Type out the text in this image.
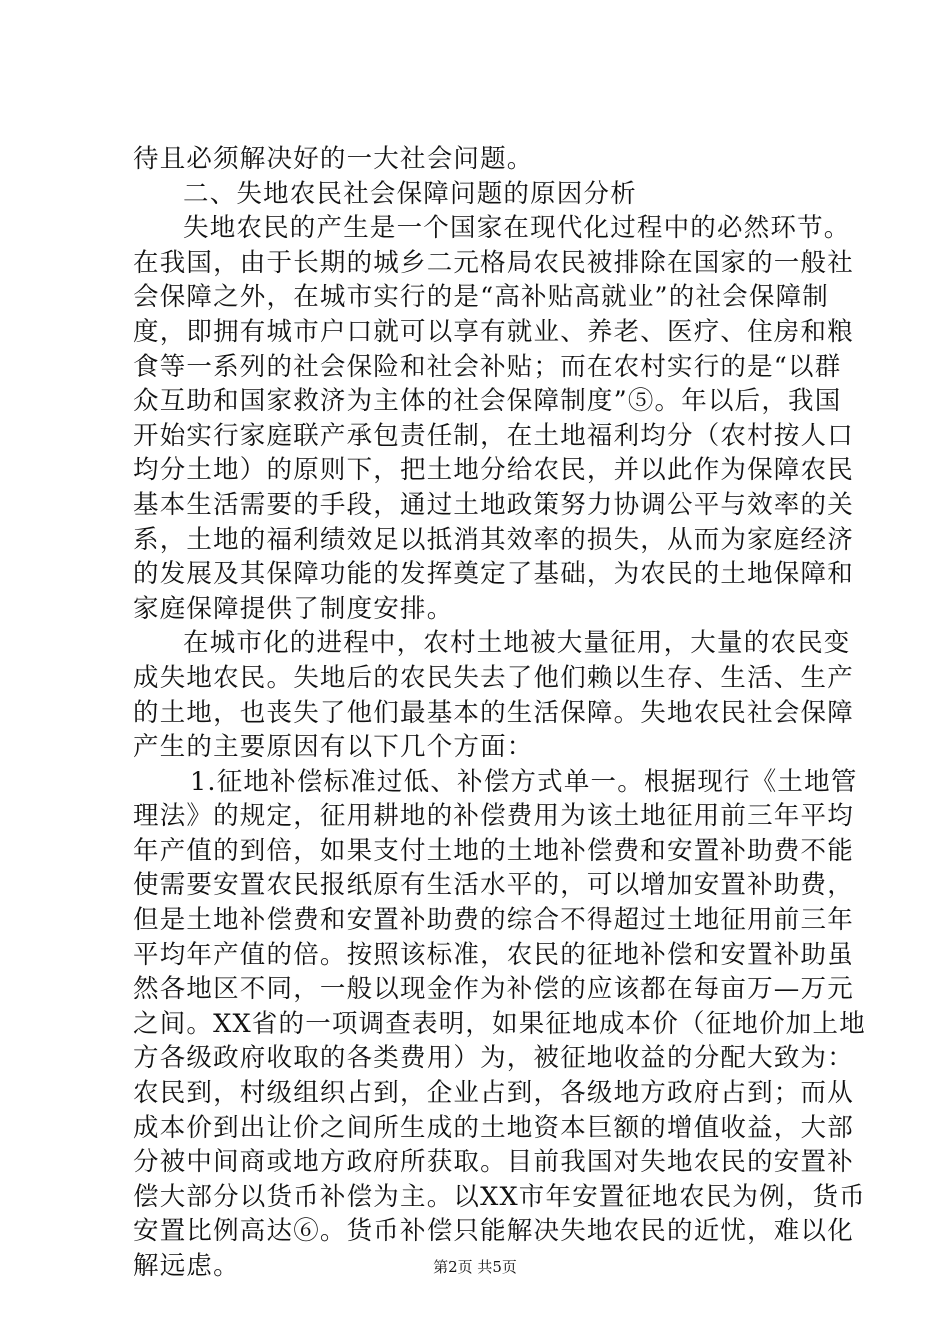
待且必须解决好的一大社会问题。
二、失地农民社会保障问题的原因分析
失地农民的产生是一个国家在现代化过程中的必然环节。
在我国，由于长期的城乡二元格局农民被排除在国家的一般社
会保障之外，在城市实行的是“高补贴高就业”的社会保障制
度，即拥有城市户口就可以享有就业、养老、医疗、住房和粮
食等一系列的社会保险和社会补贴；而在农村实行的是“以群
众互助和国家救济为主体的社会保障制度”⑤。年以后，我国
开始实行家庭联产承包责任制，在土地福利均分（农村按人口
均分土地）的原则下，把土地分给农民，并以此作为保障农民
基本生活需要的手段，通过土地政策努力协调公平与效率的关
系，土地的福利绩效足以抵消其效率的损失，从而为家庭经济
的发展及其保障功能的发挥奠定了基础，为农民的土地保障和
家庭保障提供了制度安排。
在城市化的进程中，农村土地被大量征用，大量的农民变
成失地农民。失地后的农民失去了他们赖以生存、生活、生产
的土地，也丧失了他们最基本的生活保障。失地农民社会保障
产生的主要原因有以下几个方面：
1.征地补偿标准过低、补偿方式单一。根据现行《土地管
理法》的规定，征用耕地的补偿费用为该土地征用前三年平均
年产值的到倍，如果支付土地的土地补偿费和安置补助费不能
使需要安置农民报纸原有生活水平的，可以增加安置补助费，
但是土地补偿费和安置补助费的综合不得超过土地征用前三年
平均年产值的倍。按照该标准，农民的征地补偿和安置补助虽
然各地区不同，一般以现金作为补偿的应该都在每亩万—万元
之间。XX省的一项调查表明，如果征地成本价（征地价加上地
方各级政府收取的各类费用）为，被征地收益的分配大致为：
农民到，村级组织占到，企业占到，各级地方政府占到；而从
成本价到出让价之间所生成的土地资本巨额的增值收益，大部
分被中间商或地方政府所获取。目前我国对失地农民的安置补
偿大部分以货币补偿为主。以XX市年安置征地农民为例，货币
安置比例高达⑥。货币补偿只能解决失地农民的近忧，难以化
解远虑。	第2页 共5页
